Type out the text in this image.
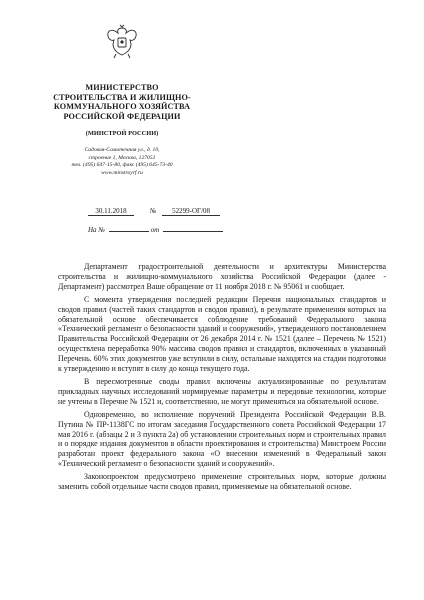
МИНИСТЕРСТВО
СТРОИТЕЛЬСТВА И ЖИЛИЩНО-
КОММУНАЛЬНОГО ХОЗЯЙСТВА
РОССИЙСКОЙ ФЕДЕРАЦИИ
(МИНСТРОЙ РОССИИ)
Садовая-Самотечная ул., д. 10,
строение 1, Москва, 127051
тел. (495) 647-15-80, факс (495) 645-73-40
www.minstroyrf.ru
30.11.2018	№ 52299-ОГ/08
На №	от

Департамент градостроительной деятельности и архитектуры Министерства строительства и жилищно-коммунального хозяйства Российской Федерации (далее - Департамент) рассмотрел Ваше обращение от 11 ноября 2018 г. № 95061 и сообщает.

С момента утверждения последней редакции Перечня национальных стандартов и сводов правил (частей таких стандартов и сводов правил), в результате применения которых на обязательной основе обеспечивается соблюдение требований Федерального закона «Технический регламент о безопасности зданий и сооружений», утвержденного постановлением Правительства Российской Федерации от 26 декабря 2014 г. № 1521 (далее – Перечень № 1521) осуществлена переработка 90% массива сводов правил и стандартов, включенных в указанный Перечень. 60% этих документов уже вступили в силу, остальные находятся на стадии подготовки к утверждению и вступят в силу до конца текущего года.

В пересмотренные своды правил включены актуализированные по результатам прикладных научных исследований нормируемые параметры и передовые технологии, которые не учтены в Перечне № 1521 и, соответственно, не могут применяться на обязательной основе.

Одновременно, во исполнение поручений Президента Российской Федерации В.В. Путина № ПР-1138ГС по итогам заседания Государственного совета Российской Федерации 17 мая 2016 г. (абзацы 2 и 3 пункта 2а) об установлении строительных норм и строительных правил и о порядке издания документов в области проектирования и строительства) Минстроем России разработан проект федерального закона «О внесении изменений в Федеральный закон «Технический регламент о безопасности зданий и сооружений».

Законопроектом предусмотрено применение строительных норм, которые должны заменить собой отдельные части сводов правил, применяемые на обязательной основе.
